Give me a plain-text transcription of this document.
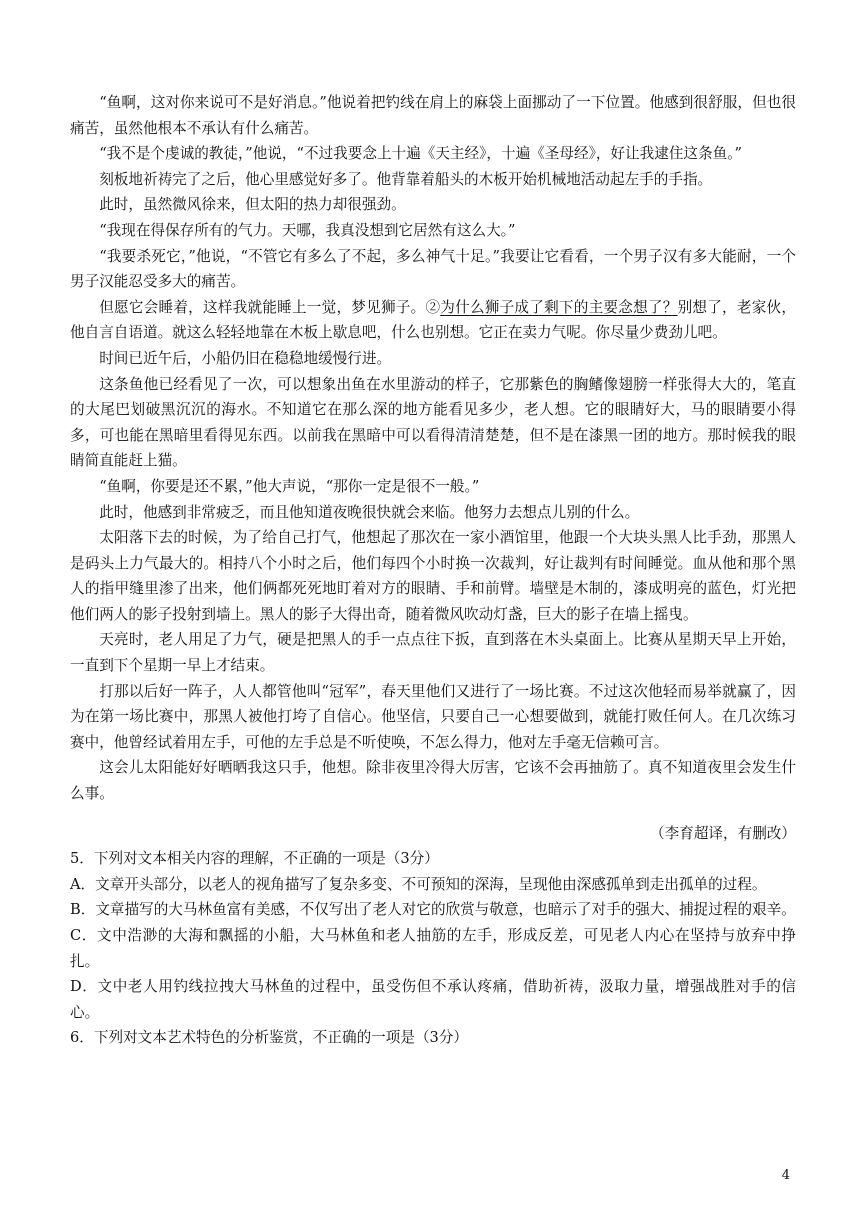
“鱼啊，这对你来说可不是好消息。”他说着把钓线在肩上的麻袋上面挪动了一下位置。他感到很舒服，但也很痛苦，虽然他根本不承认有什么痛苦。

“我不是个虔诚的教徒，”他说，“不过我要念上十遍《天主经》，十遍《圣母经》，好让我逮住这条鱼。”

刻板地祈祷完了之后，他心里感觉好多了。他背靠着船头的木板开始机械地活动起左手的手指。

此时，虽然微风徐来，但太阳的热力却很强劲。

“我现在得保存所有的气力。天哪，我真没想到它居然有这么大。”

“我要杀死它，”他说，“不管它有多么了不起，多么神气十足。”我要让它看看，一个男子汉有多大能耐，一个男子汉能忍受多大的痛苦。

但愿它会睡着，这样我就能睡上一觉，梦见狮子。②为什么狮子成了剩下的主要念想了？别想了，老家伙，他自言自语道。就这么轻轻地靠在木板上歇息吧，什么也别想。它正在卖力气呢。你尽量少费劲儿吧。

时间已近午后，小船仍旧在稳稳地缓慢行进。

这条鱼他已经看见了一次，可以想象出鱼在水里游动的样子，它那紫色的胸鳍像翅膀一样张得大大的，笔直的大尾巴划破黑沉沉的海水。不知道它在那么深的地方能看见多少，老人想。它的眼睛好大，马的眼睛要小得多，可也能在黑暗里看得见东西。以前我在黑暗中可以看得清清楚楚，但不是在漆黑一团的地方。那时候我的眼睛简直能赶上猫。

“鱼啊，你要是还不累，”他大声说，“那你一定是很不一般。”

此时，他感到非常疲乏，而且他知道夜晚很快就会来临。他努力去想点儿别的什么。

太阳落下去的时候，为了给自己打气，他想起了那次在一家小酒馆里，他跟一个大块头黑人比手劲，那黑人是码头上力气最大的。相持八个小时之后，他们每四个小时换一次裁判，好让裁判有时间睡觉。血从他和那个黑人的指甲缝里渗了出来，他们俩都死死地盯着对方的眼睛、手和前臂。墙壁是木制的，漆成明亮的蓝色，灯光把他们两人的影子投射到墙上。黑人的影子大得出奇，随着微风吹动灯盏，巨大的影子在墙上摇曳。

天亮时，老人用足了力气，硬是把黑人的手一点点往下扳，直到落在木头桌面上。比赛从星期天早上开始，一直到下个星期一早上才结束。

打那以后好一阵子，人人都管他叫“冠军”，春天里他们又进行了一场比赛。不过这次他轻而易举就赢了，因为在第一场比赛中，那黑人被他打垮了自信心。他坚信，只要自己一心想要做到，就能打败任何人。在几次练习赛中，他曾经试着用左手，可他的左手总是不听使唤，不怎么得力，他对左手毫无信赖可言。

这会儿太阳能好好晒晒我这只手，他想。除非夜里冷得大厉害，它该不会再抽筋了。真不知道夜里会发生什么事。

（李育超译，有删改）

5．下列对文本相关内容的理解，不正确的一项是（3分）

A．文章开头部分，以老人的视角描写了复杂多变、不可预知的深海，呈现他由深感孤单到走出孤单的过程。

B．文章描写的大马林鱼富有美感，不仅写出了老人对它的欣赏与敬意，也暗示了对手的强大、捕捉过程的艰辛。

C．文中浩渺的大海和飘摇的小船，大马林鱼和老人抽筋的左手，形成反差，可见老人内心在坚持与放弃中挣扎。

D．文中老人用钓线拉拽大马林鱼的过程中，虽受伤但不承认疼痛，借助祈祷，汲取力量，增强战胜对手的信心。

6．下列对文本艺术特色的分析鉴赏，不正确的一项是（3分）

4
